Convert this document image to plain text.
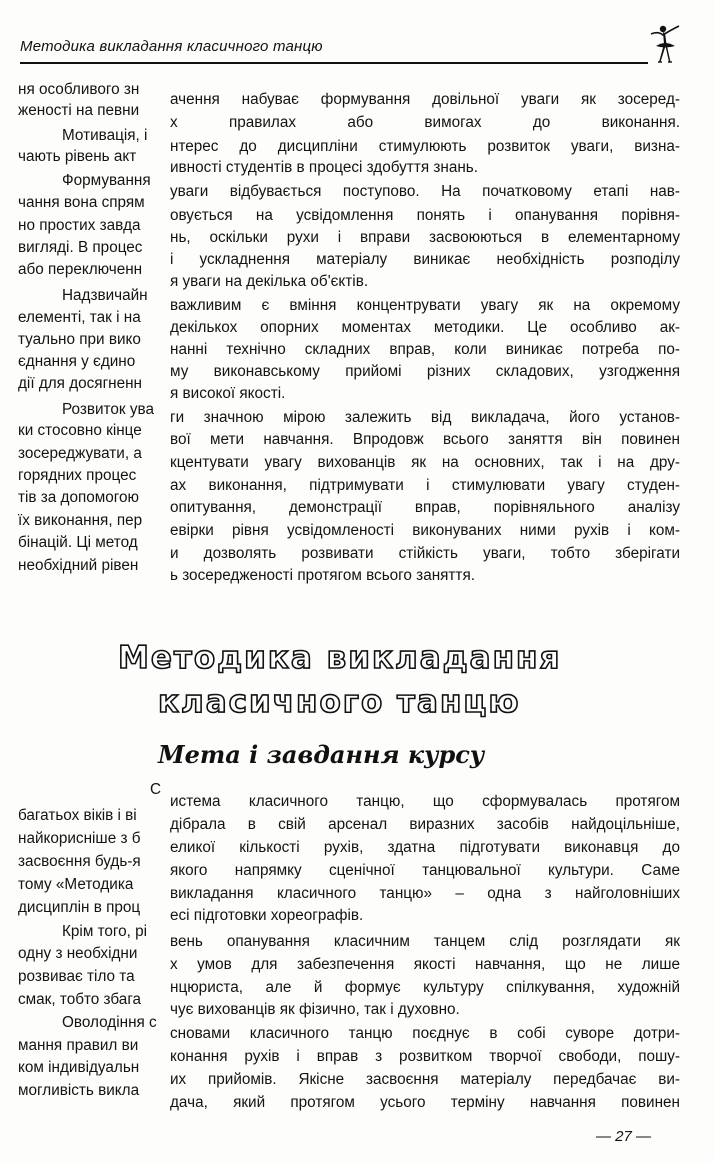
Методика викладання класичного танцю
ня особливого зн
женості на певни
Мотивація, і
чають рівень акт
Формування
чання вона спрям
но простих завда
вигляді. В процес
або переключенн
Надзвичайн
елементі, так і на
туально при вико
єднання у єдино
дії для досягненн
Розвиток ува
ки стосовно кінце
зосереджувати, а
горядних процес
тів за допомогою
їх виконання, пер
бінацій. Ці метод
необхідний рівен
ачення набуває формування довільної уваги як зосеред-
х правилах або вимогах до виконання.
нтерес до дисципліни стимулюють розвиток уваги, визна-
ивності студентів в процесі здобуття знань.
уваги відбувається поступово. На початковому етапі нав-
овується на усвідомлення понять і опанування порівня-
нь, оскільки рухи і вправи засвоюються в елементарному
і ускладнення матеріалу виникає необхідність розподілу
я уваги на декілька об'єктів.
важливим є вміння концентрувати увагу як на окремому
декількох опорних моментах методики. Це особливо ак-
нанні технічно складних вправ, коли виникає потреба по-
му виконавському прийомі різних складових, узгодження
я високої якості.
ги значною мірою залежить від викладача, його установ-
вої мети навчання. Впродовж всього заняття він повинен
кцентувати увагу вихованців як на основних, так і на дру-
ах виконання, підтримувати і стимулювати увагу студен-
опитування, демонстрації вправ, порівняльного аналізу
евірки рівня усвідомленості виконуваних ними рухів і ком-
и дозволять розвивати стійкість уваги, тобто зберігати
ь зосередженості протягом всього заняття.
Методика викладання
класичного танцю
Мета і завдання курсу
С
багатьох віків і ві
найкорисніше з б
засвоєння будь-я
тому «Методика
дисциплін в проц
Крім того, рі
одну з необхідни
розвиває тіло та
смак, тобто збага
Оволодіння с
мання правил ви
ком індивідуальн
могливість викла
истема класичного танцю, що сформувалась протягом
дібрала в свій арсенал виразних засобів найдоцільніше,
еликої кількості рухів, здатна підготувати виконавця до
якого напрямку сценічної танцювальної культури. Саме
викладання класичного танцю» – одна з найголовніших
есі підготовки хореографів.
вень опанування класичним танцем слід розглядати як
х умов для забезпечення якості навчання, що не лише
нцюриста, але й формує культуру спілкування, художній
чує вихованців як фізично, так і духовно.
сновами класичного танцю поєднує в собі суворе дотри-
конання рухів і вправ з розвитком творчої свободи, пошу-
их прийомів. Якісне засвоєння матеріалу передбачає ви-
дача, який протягом усього терміну навчання повинен
— 27 —
